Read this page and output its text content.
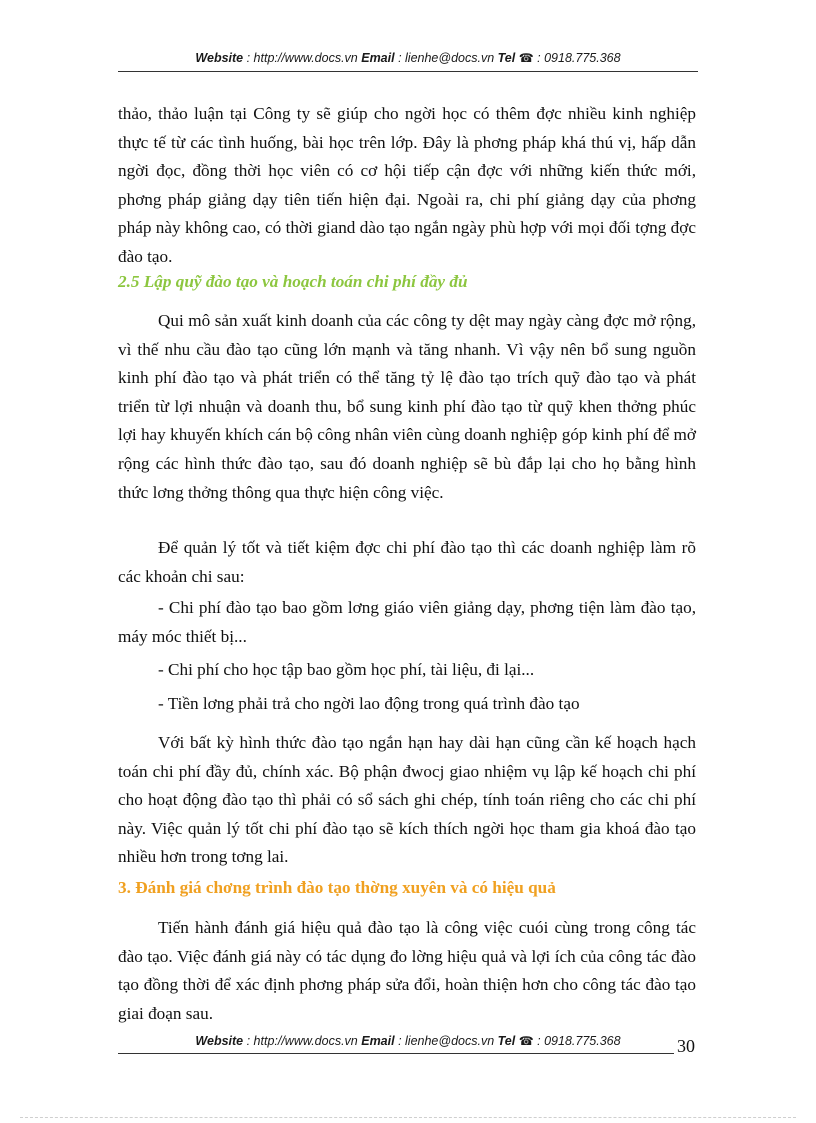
Website : http://www.docs.vn Email : lienhe@docs.vn Tel ☎ : 0918.775.368

thảo, thảo luận tại Công ty sẽ giúp cho ngời học có thêm đợc nhiều kinh nghiệp thực tế từ các tình huống, bài học trên lớp. Đây là phơng pháp khá thú vị, hấp dẫn ngời đọc, đồng thời học viên có cơ hội tiếp cận đợc với những kiến thức mới, phơng pháp giảng dạy tiên tiến hiện đại. Ngoài ra, chi phí giảng dạy của phơng pháp này không cao, có thời giand dào tạo ngắn ngày phù hợp với mọi đối tợng đợc đào tạo.

2.5 Lập quỹ đào tạo và hoạch toán chi phí đầy đủ

Qui mô sản xuất kinh doanh của các công ty dệt may ngày càng đợc mở rộng, vì thế nhu cầu đào tạo cũng lớn mạnh và tăng nhanh. Vì vậy nên bổ sung nguồn kinh phí đào tạo và phát triển có thể tăng tỷ lệ đào tạo trích quỹ đào tạo và phát triển từ lợi nhuận và doanh thu, bổ sung kinh phí đào tạo từ quỹ khen thởng phúc lợi hay khuyến khích cán bộ công nhân viên cùng doanh nghiệp góp kinh phí để mở rộng các hình thức đào tạo, sau đó doanh nghiệp sẽ bù đắp lại cho họ bằng hình thức lơng thởng thông qua thực hiện công việc.

Để quản lý tốt và tiết kiệm đợc chi phí đào tạo thì các doanh nghiệp làm rõ các khoản chi sau:

- Chi phí đào tạo bao gồm lơng giáo viên giảng dạy, phơng tiện làm đào tạo, máy móc thiết bị...

- Chi phí cho học tập bao gồm học phí, tài liệu, đi lại...

- Tiền lơng phải trả cho ngời lao động trong quá trình đào tạo

Với bất kỳ hình thức đào tạo ngắn hạn hay dài hạn cũng cần kế hoạch hạch toán chi phí đầy đủ, chính xác. Bộ phận đwocj giao nhiệm vụ lập kế hoạch chi phí cho hoạt động đào tạo thì phải có sổ sách ghi chép, tính toán riêng cho các chi phí này. Việc quản lý tốt chi phí đào tạo sẽ kích thích ngời học tham gia khoá đào tạo nhiều hơn trong tơng lai.

3. Đánh giá chơng trình đào tạo thờng xuyên và có hiệu quả

Tiến hành đánh giá hiệu quả đào tạo là công việc cuói cùng trong công tác đào tạo. Việc đánh giá này có tác dụng đo lờng hiệu quả và lợi ích của công tác đào tạo đồng thời để xác định phơng pháp sửa đổi, hoàn thiện hơn cho công tác đào tạo giai đoạn sau.

Website : http://www.docs.vn Email : lienhe@docs.vn Tel ☎ : 0918.775.368	30
